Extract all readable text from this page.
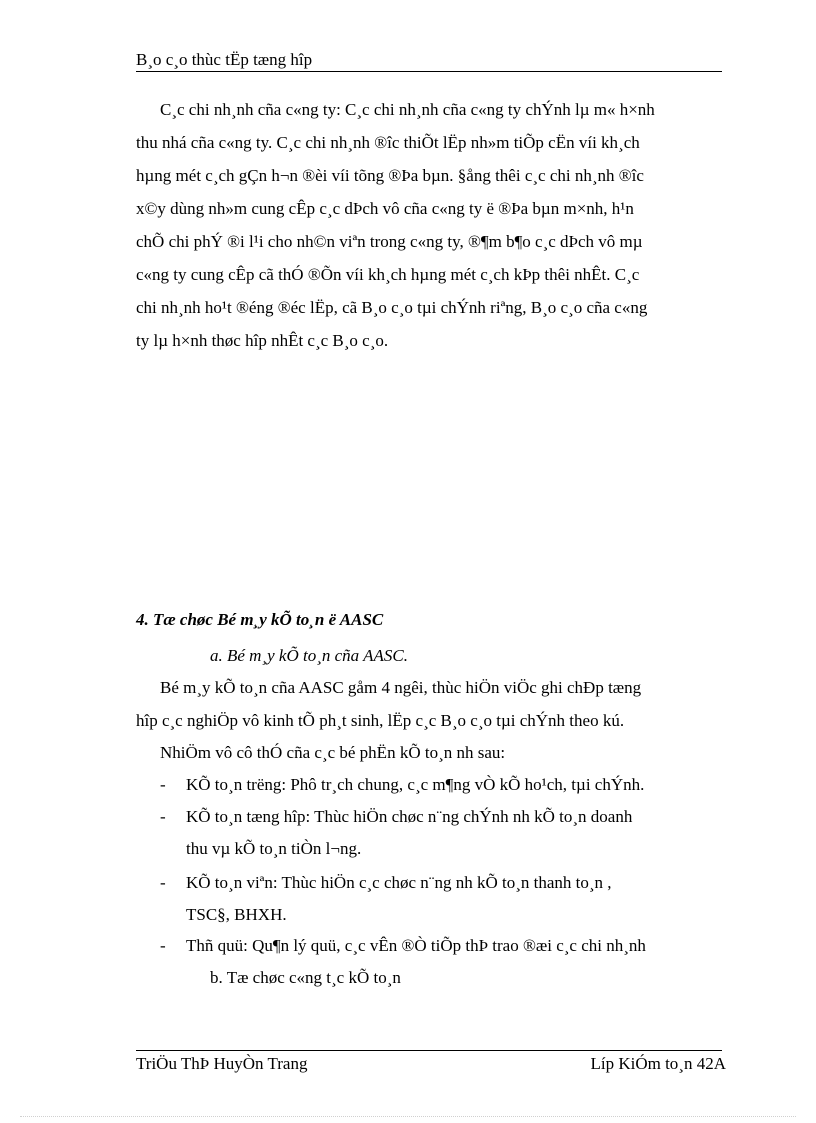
B¸o c¸o thùc tËp tæng hîp
C¸c chi nh¸nh cña c«ng ty: C¸c chi nh¸nh cña c«ng ty chÝnh lµ m« h×nh
thu nhá cña c«ng ty. C¸c chi nh¸nh ®îc thiÕt lËp nh»m tiÕp cËn víi kh¸ch
hµng mét c¸ch gÇn h¬n ®èi víi tõng ®Þa bµn. §ång thêi c¸c chi nh¸nh ®îc
x©y dùng nh»m cung cÊp c¸c dÞch vô cña c«ng ty ë ®Þa bµn m×nh, h¹n
chÕ chi phÝ ®i l¹i cho nh©n viªn trong c«ng ty, ®¶m b¶o c¸c dÞch vô mµ
c«ng ty cung cÊp cã thÓ ®Õn víi kh¸ch hµng mét c¸ch kÞp thêi nhÊt. C¸c
chi nh¸nh ho¹t ®éng ®éc lËp, cã B¸o c¸o tµi chÝnh riªng, B¸o c¸o cña c«ng
ty lµ h×nh thøc hîp nhÊt c¸c B¸o c¸o.
4. Tæ chøc Bé m¸y kÕ to¸n ë AASC
a. Bé m¸y kÕ to¸n cña AASC.
Bé m¸y kÕ to¸n cña AASC gåm 4 ngêi, thùc hiÖn viÖc ghi chÐp tæng
hîp c¸c nghiÖp vô kinh tÕ ph¸t sinh, lËp c¸c B¸o c¸o tµi chÝnh theo kú.
NhiÖm vô cô thÓ cña c¸c bé phËn kÕ to¸n nh sau:
- KÕ to¸n trëng: Phô tr¸ch chung, c¸c m¶ng vÒ kÕ ho¹ch, tµi chÝnh.
- KÕ to¸n tæng hîp: Thùc hiÖn chøc n¨ng chÝnh nh kÕ to¸n doanh
thu vµ kÕ to¸n tiÒn l¬ng.
- KÕ to¸n viªn: Thùc hiÖn c¸c chøc n¨ng nh kÕ to¸n thanh to¸n ,
TSC§, BHXH.
- Thñ quü: Qu¶n lý quü, c¸c vÊn ®Ò tiÕp thÞ trao ®æi c¸c chi nh¸nh
b. Tæ chøc c«ng t¸c kÕ to¸n
TriÖu ThÞ HuyÒn Trang	Líp KiÓm to¸n 42A
